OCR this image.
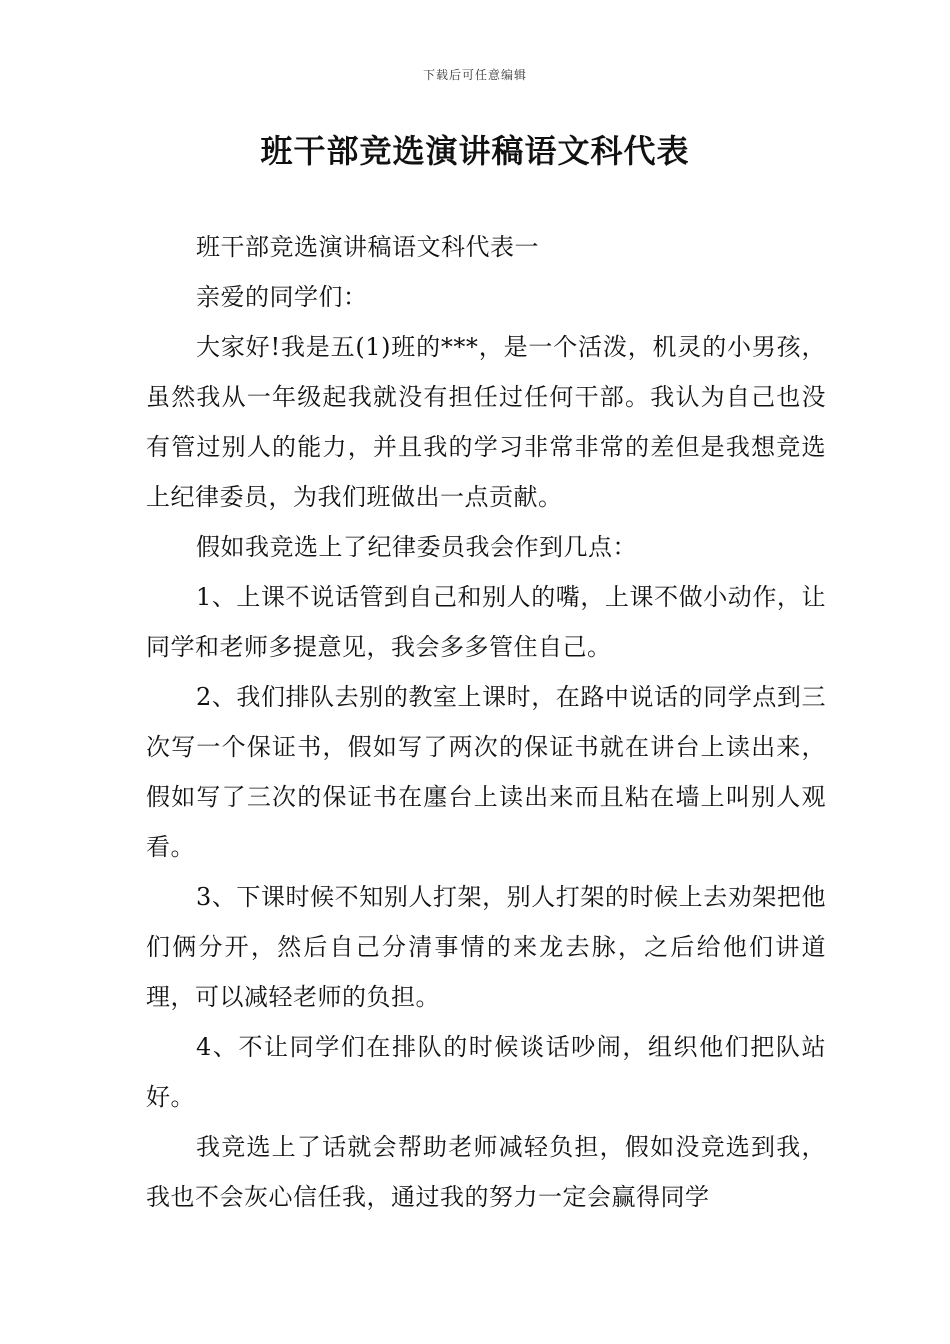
下载后可任意编辑
班干部竞选演讲稿语文科代表

班干部竞选演讲稿语文科代表一

亲爱的同学们：

大家好!我是五(1)班的***，是一个活泼，机灵的小男孩，虽然我从一年级起我就没有担任过任何干部。我认为自己也没有管过别人的能力，并且我的学习非常非常的差但是我想竞选上纪律委员，为我们班做出一点贡献。

假如我竞选上了纪律委员我会作到几点：

1、上课不说话管到自己和别人的嘴，上课不做小动作，让同学和老师多提意见，我会多多管住自己。

2、我们排队去别的教室上课时，在路中说话的同学点到三次写一个保证书，假如写了两次的保证书就在讲台上读出来，假如写了三次的保证书在廛台上读出来而且粘在墙上叫别人观看。

3、下课时候不知别人打架，别人打架的时候上去劝架把他们俩分开，然后自己分清事情的来龙去脉，之后给他们讲道理，可以减轻老师的负担。

4、不让同学们在排队的时候谈话吵闹，组织他们把队站好。

我竞选上了话就会帮助老师减轻负担，假如没竞选到我，我也不会灰心信任我，通过我的努力一定会赢得同学
